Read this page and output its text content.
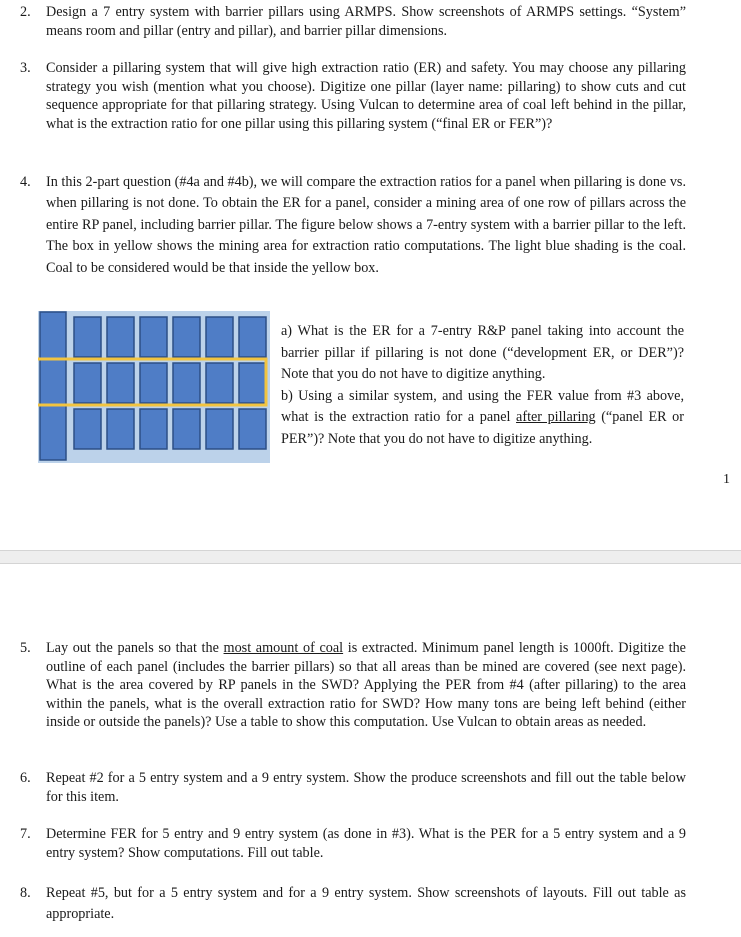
2. Design a 7 entry system with barrier pillars using ARMPS. Show screenshots of ARMPS settings. “System” means room and pillar (entry and pillar), and barrier pillar dimensions.
3. Consider a pillaring system that will give high extraction ratio (ER) and safety. You may choose any pillaring strategy you wish (mention what you choose). Digitize one pillar (layer name: pillaring) to show cuts and cut sequence appropriate for that pillaring strategy. Using Vulcan to determine area of coal left behind in the pillar, what is the extraction ratio for one pillar using this pillaring system (“final ER or FER”)?
4. In this 2-part question (#4a and #4b), we will compare the extraction ratios for a panel when pillaring is done vs. when pillaring is not done. To obtain the ER for a panel, consider a mining area of one row of pillars across the entire RP panel, including barrier pillar. The figure below shows a 7-entry system with a barrier pillar to the left. The box in yellow shows the mining area for extraction ratio computations. The light blue shading is the coal. Coal to be considered would be that inside the yellow box.
a) What is the ER for a 7-entry R&P panel taking into account the barrier pillar if pillaring is not done (“development ER, or DER”)? Note that you do not have to digitize anything.
b) Using a similar system, and using the FER value from #3 above, what is the extraction ratio for a panel after pillaring (“panel ER or PER”)? Note that you do not have to digitize anything.
1
5. Lay out the panels so that the most amount of coal is extracted. Minimum panel length is 1000ft. Digitize the outline of each panel (includes the barrier pillars) so that all areas than be mined are covered (see next page). What is the area covered by RP panels in the SWD? Applying the PER from #4 (after pillaring) to the area within the panels, what is the overall extraction ratio for SWD? How many tons are being left behind (either inside or outside the panels)? Use a table to show this computation. Use Vulcan to obtain areas as needed.
6. Repeat #2 for a 5 entry system and a 9 entry system. Show the produce screenshots and fill out the table below for this item.
7. Determine FER for 5 entry and 9 entry system (as done in #3). What is the PER for a 5 entry system and a 9 entry system? Show computations. Fill out table.
8. Repeat #5, but for a 5 entry system and for a 9 entry system. Show screenshots of layouts. Fill out table as appropriate.
